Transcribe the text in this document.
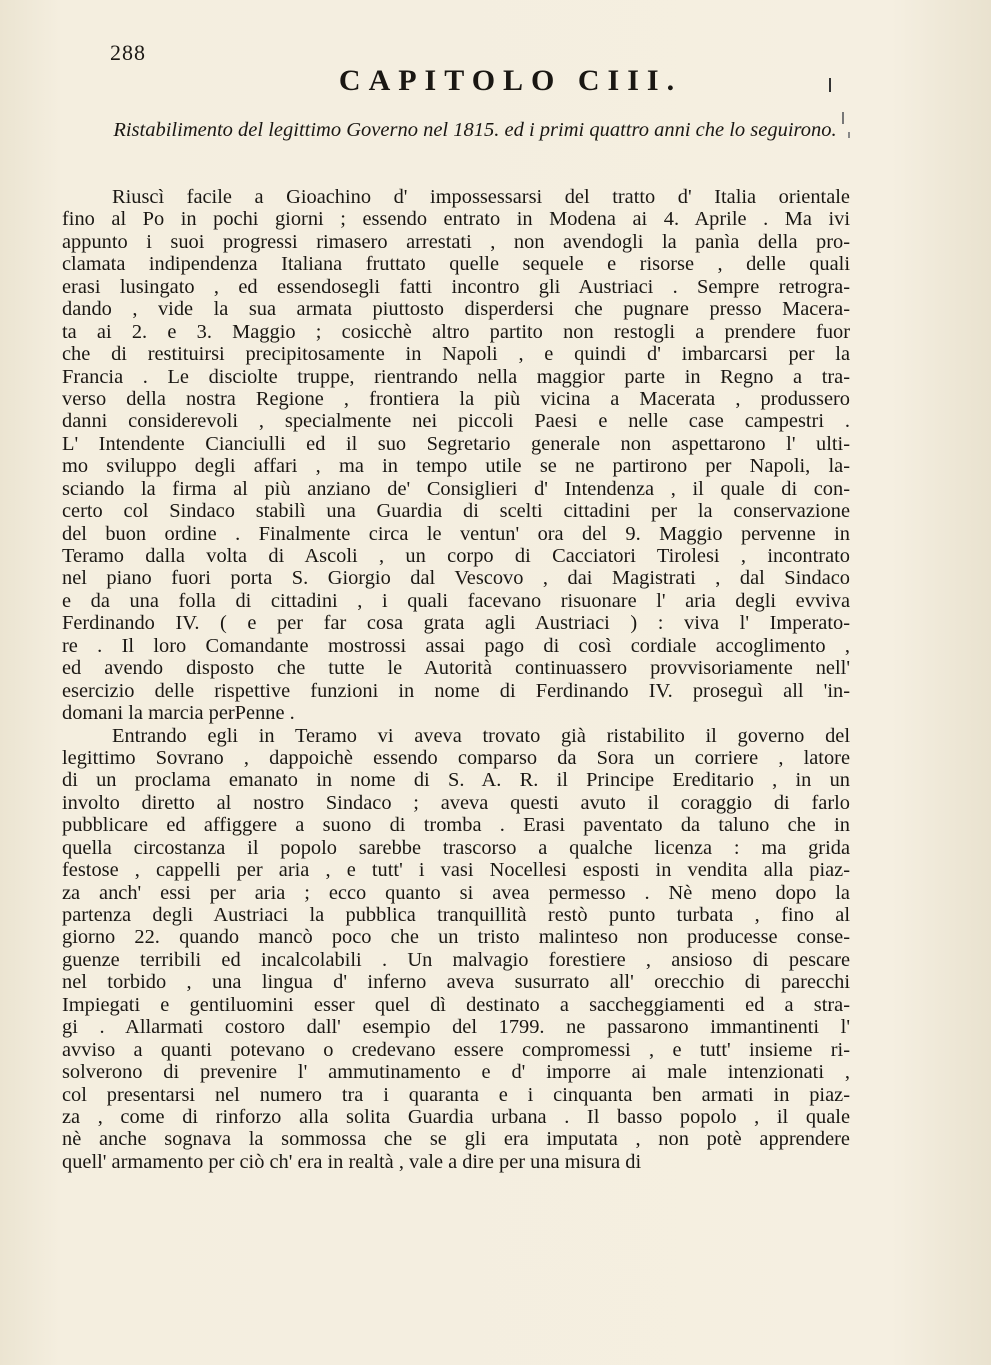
288
CAPITOLO CIII.
Ristabilimento del legittimo Governo nel 1815. ed i primi quattro anni che lo seguirono.
Riuscì facile a Gioachino d' impossessarsi del tratto d' Italia orientale
fino al Po in pochi giorni ; essendo entrato in Modena ai 4. Aprile . Ma ivi
appunto i suoi progressi rimasero arrestati , non avendogli la panìa della pro-
clamata indipendenza Italiana fruttato quelle sequele e risorse , delle quali
erasi lusingato , ed essendosegli fatti incontro gli Austriaci . Sempre retrogra-
dando , vide la sua armata piuttosto disperdersi che pugnare presso Macera-
ta ai 2. e 3. Maggio ; cosicchè altro partito non restogli a prendere fuor
che di restituirsi precipitosamente in Napoli , e quindi d' imbarcarsi per la
Francia . Le disciolte truppe, rientrando nella maggior parte in Regno a tra-
verso della nostra Regione , frontiera la più vicina a Macerata , produssero
danni considerevoli , specialmente nei piccoli Paesi e nelle case campestri .
L' Intendente Cianciulli ed il suo Segretario generale non aspettarono l' ulti-
mo sviluppo degli affari , ma in tempo utile se ne partirono per Napoli, la-
sciando la firma al più anziano de' Consiglieri d' Intendenza , il quale di con-
certo col Sindaco stabilì una Guardia di scelti cittadini per la conservazione
del buon ordine . Finalmente circa le ventun' ora del 9. Maggio pervenne in
Teramo dalla volta di Ascoli , un corpo di Cacciatori Tirolesi , incontrato
nel piano fuori porta S. Giorgio dal Vescovo , dai Magistrati , dal Sindaco
e da una folla di cittadini , i quali facevano risuonare l' aria degli evviva
Ferdinando IV. ( e per far cosa grata agli Austriaci ) : viva l' Imperato-
re . Il loro Comandante mostrossi assai pago di così cordiale accoglimento ,
ed avendo disposto che tutte le Autorità continuassero provvisoriamente nell'
esercizio delle rispettive funzioni in nome di Ferdinando IV. proseguì all 'in-
domani la marcia perPenne .
Entrando egli in Teramo vi aveva trovato già ristabilito il governo del
legittimo Sovrano , dappoichè essendo comparso da Sora un corriere , latore
di un proclama emanato in nome di S. A. R. il Principe Ereditario , in un
involto diretto al nostro Sindaco ; aveva questi avuto il coraggio di farlo
pubblicare ed affiggere a suono di tromba . Erasi paventato da taluno che in
quella circostanza il popolo sarebbe trascorso a qualche licenza : ma grida
festose , cappelli per aria , e tutt' i vasi Nocellesi esposti in vendita alla piaz-
za anch' essi per aria ; ecco quanto si avea permesso . Nè meno dopo la
partenza degli Austriaci la pubblica tranquillità restò punto turbata , fino al
giorno 22. quando mancò poco che un tristo malinteso non producesse conse-
guenze terribili ed incalcolabili . Un malvagio forestiere , ansioso di pescare
nel torbido , una lingua d' inferno aveva susurrato all' orecchio di parecchi
Impiegati e gentiluomini esser quel dì destinato a saccheggiamenti ed a stra-
gi . Allarmati costoro dall' esempio del 1799. ne passarono immantinenti l'
avviso a quanti potevano o credevano essere compromessi , e tutt' insieme ri-
solverono di prevenire l' ammutinamento e d' imporre ai male intenzionati ,
col presentarsi nel numero tra i quaranta e i cinquanta ben armati in piaz-
za , come di rinforzo alla solita Guardia urbana . Il basso popolo , il quale
nè anche sognava la sommossa che se gli era imputata , non potè apprendere
quell' armamento per ciò ch' era in realtà , vale a dire per una misura di
